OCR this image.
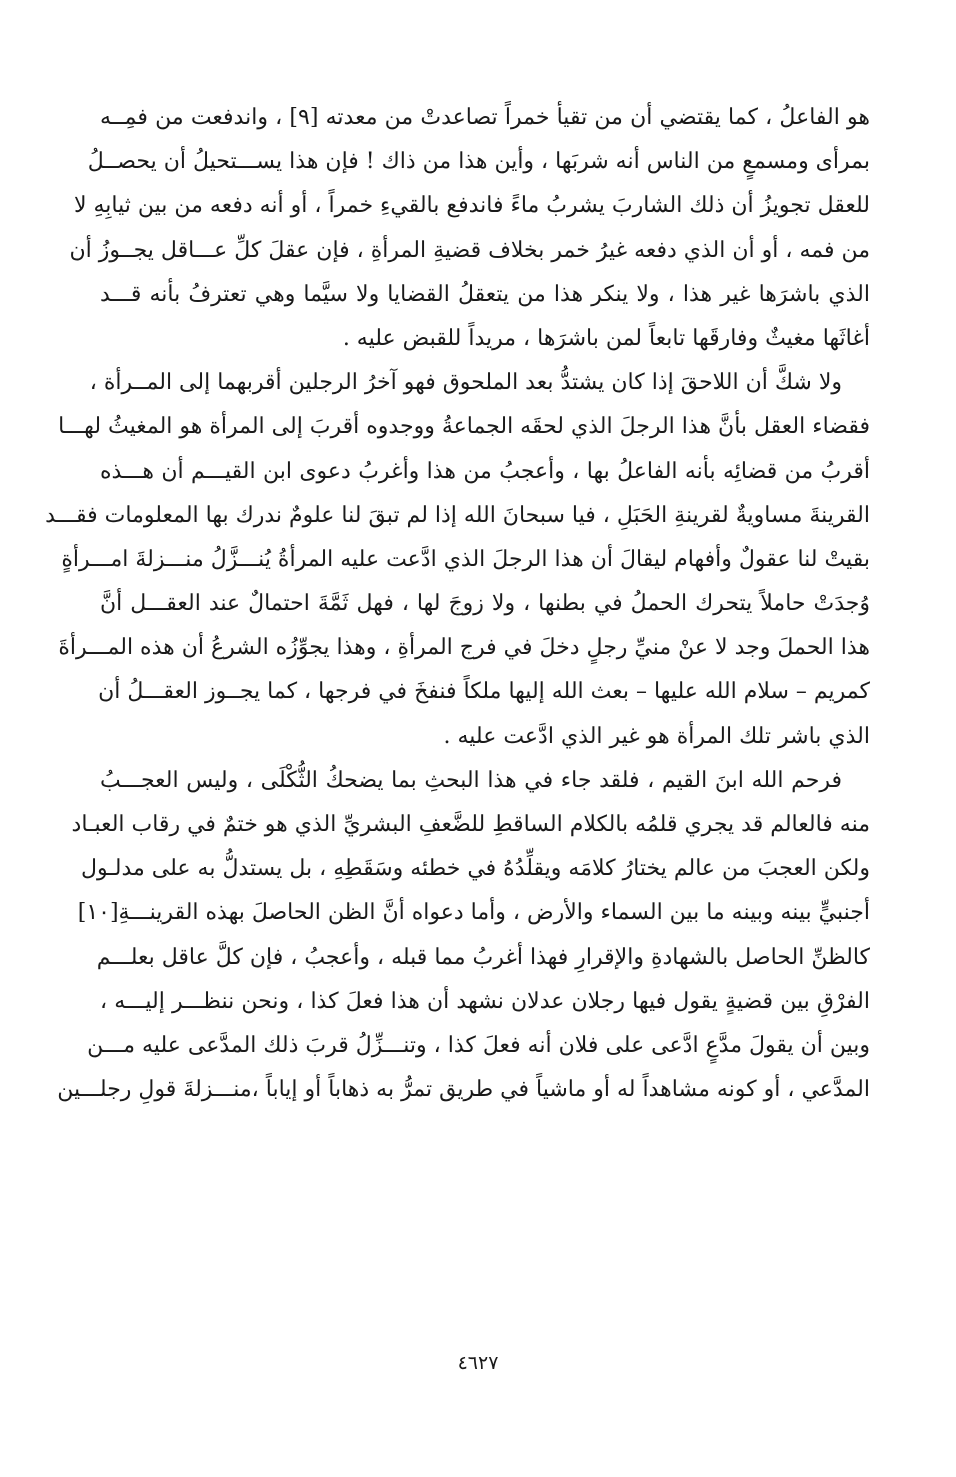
هو الفاعلُ ، كما يقتضي أن من تقيأ خمراً تصاعدتْ من معدته [٩] ، واندفعت من فمِــه
بمرأى ومسمعٍ من الناس أنه شربَها ، وأين هذا من ذاك ! فإن هذا يســـتحيلُ أن يحصــلُ
للعقل تجويزُ أن ذلك الشاربَ يشربُ ماءً فاندفع بالقيءِ خمراً ، أو أنه دفعه من بين ثيابِهِ لا
من فمه ، أو أن الذي دفعه غيرُ خمر بخلاف قضيةِ المرأةِ ، فإن عقلَ كلِّ عـــاقل يجــوزُ أن
الذي باشرَها غير هذا ، ولا ينكر هذا من يتعقلُ القضايا ولا سيَّما وهي تعترفُ بأنه قـــد
أغاثَها مغيثٌ وفارقَها تابعاً لمن باشرَها ، مريداً للقبض عليه .
ولا شكَّ أن اللاحقَ إذا كان يشتدُّ بعد الملحوق فهو آخرُ الرجلين أقربهما إلى المــرأة ،
فقضاء العقل بأنَّ هذا الرجلَ الذي لحقَه الجماعةُ ووجدوه أقربَ إلى المرأة هو المغيثُ لهـــا
أقربُ من قضائِه بأنه الفاعلُ بها ، وأعجبُ من هذا وأغربُ دعوى ابن القيـــم أن هـــذه
القرينةَ مساويةٌ لقرينةِ الحَبَلِ ، فيا سبحانَ الله إذا لم تبقَ لنا علومٌ ندرك بها المعلومات فقـــد
بقيتْ لنا عقولٌ وأفهام ليقالَ أن هذا الرجلَ الذي ادَّعت عليه المرأةُ يُنـــزَّلُ منـــزلةَ امـــرأةٍ
وُجدَتْ حاملاً يتحرك الحملُ في بطنها ، ولا زوجَ لها ، فهل ثَمَّةَ احتمالٌ عند العقـــل أنَّ
هذا الحملَ وجد لا عنْ منيِّ رجلٍ دخلَ في فرج المرأةِ ، وهذا يجوِّزُه الشرعُ أن هذه المـــرأةَ
كمريم – سلام الله عليها – بعث الله إليها ملكاً فنفخَ في فرجها ، كما يجــوز العقـــلُ أن
الذي باشر تلك المرأة هو غير الذي ادَّعت عليه .
فرحم الله ابنَ القيم ، فلقد جاء في هذا البحثِ بما يضحكُ الثُّكْلَى ، وليس العجـــبُ
منه فالعالم قد يجري قلمُه بالكلام الساقطِ للضَّعفِ البشريِّ الذي هو ختمٌ في رقاب العبـاد
ولكن العجبَ من عالم يختارُ كلامَه ويقلِّدُهُ في خطئه وسَقَطِهِ ، بل يستدلُّ به على مدلـول
أجنبيٍّ بينه وبينه ما بين السماء والأرض ، وأما دعواه أنَّ الظن الحاصلَ بهذه القرينـــةِ[١٠]
كالظنِّ الحاصل بالشهادةِ والإقرارِ فهذا أغربُ مما قبله ، وأعجبُ ، فإن كلَّ عاقل بعلـــم
الفرْقِ بين قضيةٍ يقول فيها رجلان عدلان نشهد أن هذا فعلَ كذا ، ونحن ننظـــر إليـــه ،
وبين أن يقولَ مدَّعٍ ادَّعى على فلان أنه فعلَ كذا ، وتنـــزِّلُ قربَ ذلك المدَّعى عليه مـــن
المدَّعي ، أو كونه مشاهداً له أو ماشياً في طريق تمرُّ به ذهاباً أو إياباً ،منـــزلةَ قولِ رجلـــين
٤٦٢٧
